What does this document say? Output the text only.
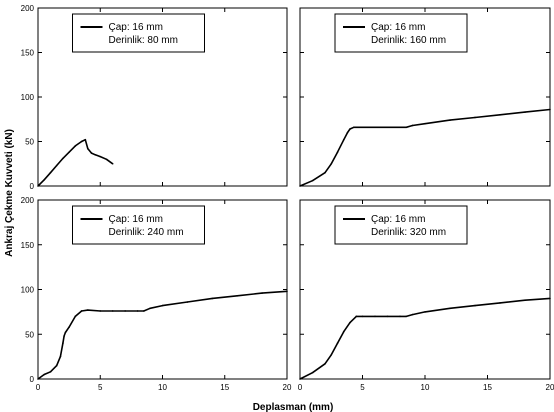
Ankraj Çekme Kuvveti (kN)
Deplasman (mm)
0
50
100
150
200
Çap: 16 mm
Derinlik: 80 mm
Çap: 16 mm
Derinlik: 160 mm
0
50
100
150
200
0	5	10	15	20
Çap: 16 mm
Derinlik: 240 mm
0	5	10	15	20
Çap: 16 mm
Derinlik: 320 mm
